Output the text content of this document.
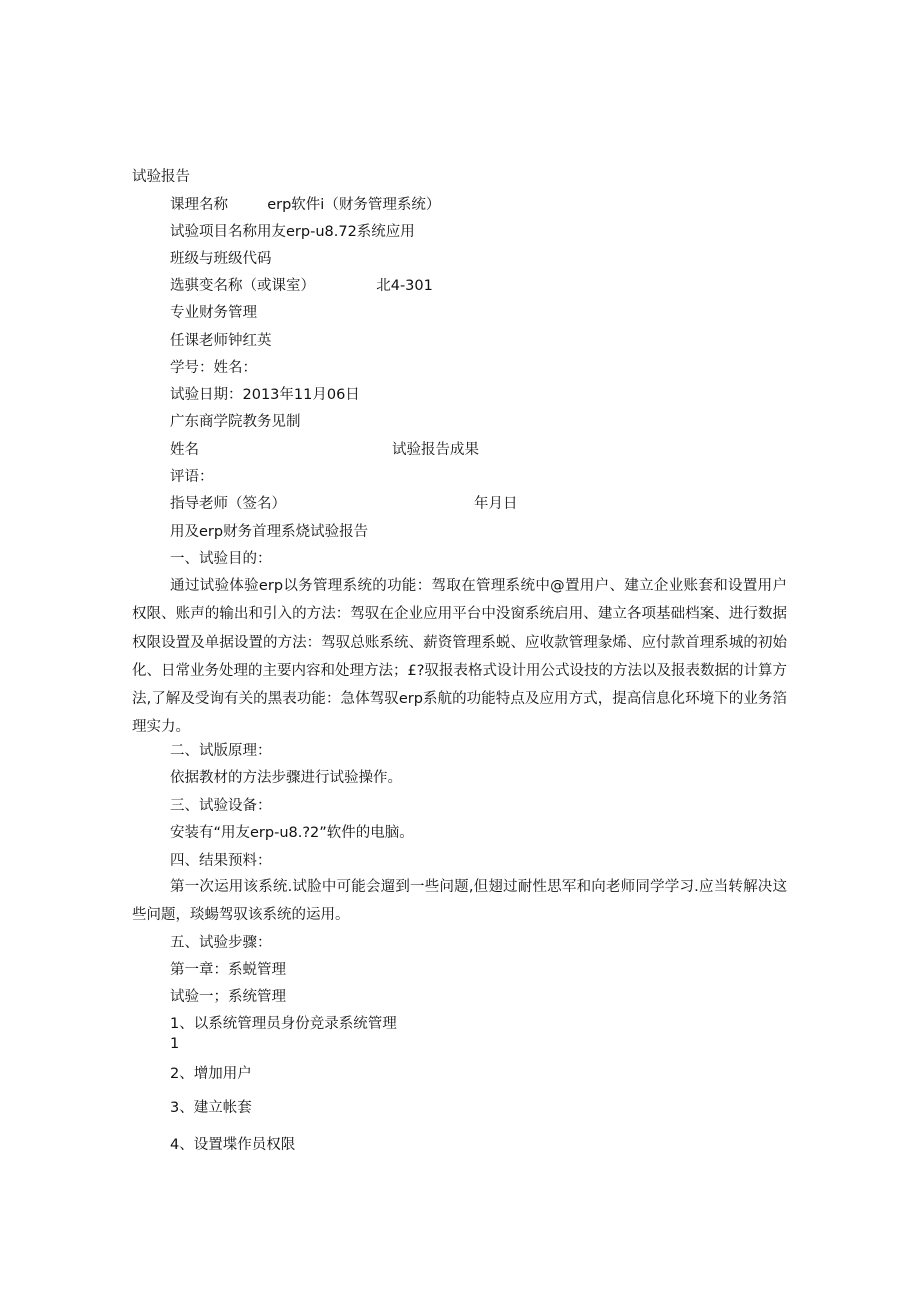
试验报告
课理名称	erp软件i（财务管理系统）
试验项目名称用友erp-u8.72系统应用
班级与班级代码
选骐变名称（或课室）	北4-301
专业财务管理
任课老师钟红英
学号：姓名：
试验日期：2013年11月06日
广东商学院教务见制
姓名	试验报告成果
评语：
指导老师（签名）	年月日
用及erp财务首理系烧试验报告
一、试验目的：
通过试验体验erp以务管理系统的功能：驾取在管理系统中@置用户、建立企业账套和设置用户权限、账声的输出和引入的方法：驾驭在企业应用平台中没窗系统启用、建立各项基础档案、进行数据权限设置及单据设置的方法：驾驭总账系统、薪资管理系蜕、应收款管理彖烯、应付款首理系城的初始化、日常业务处理的主要内容和处理方法；£?驭报表格式设计用公式设技的方法以及报表数据的计算方法,了解及受询有关的黑表功能：急体驾驭erp系航的功能特点及应用方式，提高信息化环境下的业务箔理实力。
二、试版原理：
依据教材的方法步骤进行试验操作。
三、试验设备：
安装有“用友erp-u8.?2”软件的电脑。
四、结果预料：
第一次运用该系统.试脸中可能会遛到一些问题,但翅过耐性思军和向老师同学学习.应当转解决这些问题，琰蝪驾驭该系统的运用。
五、试验步骤：
第一章：系蜕管理
试验一；系统管理
1、以系统管理员身份竞录系统管理
1
2、增加用户
3、建立帐套
4、设置堞作员权限
